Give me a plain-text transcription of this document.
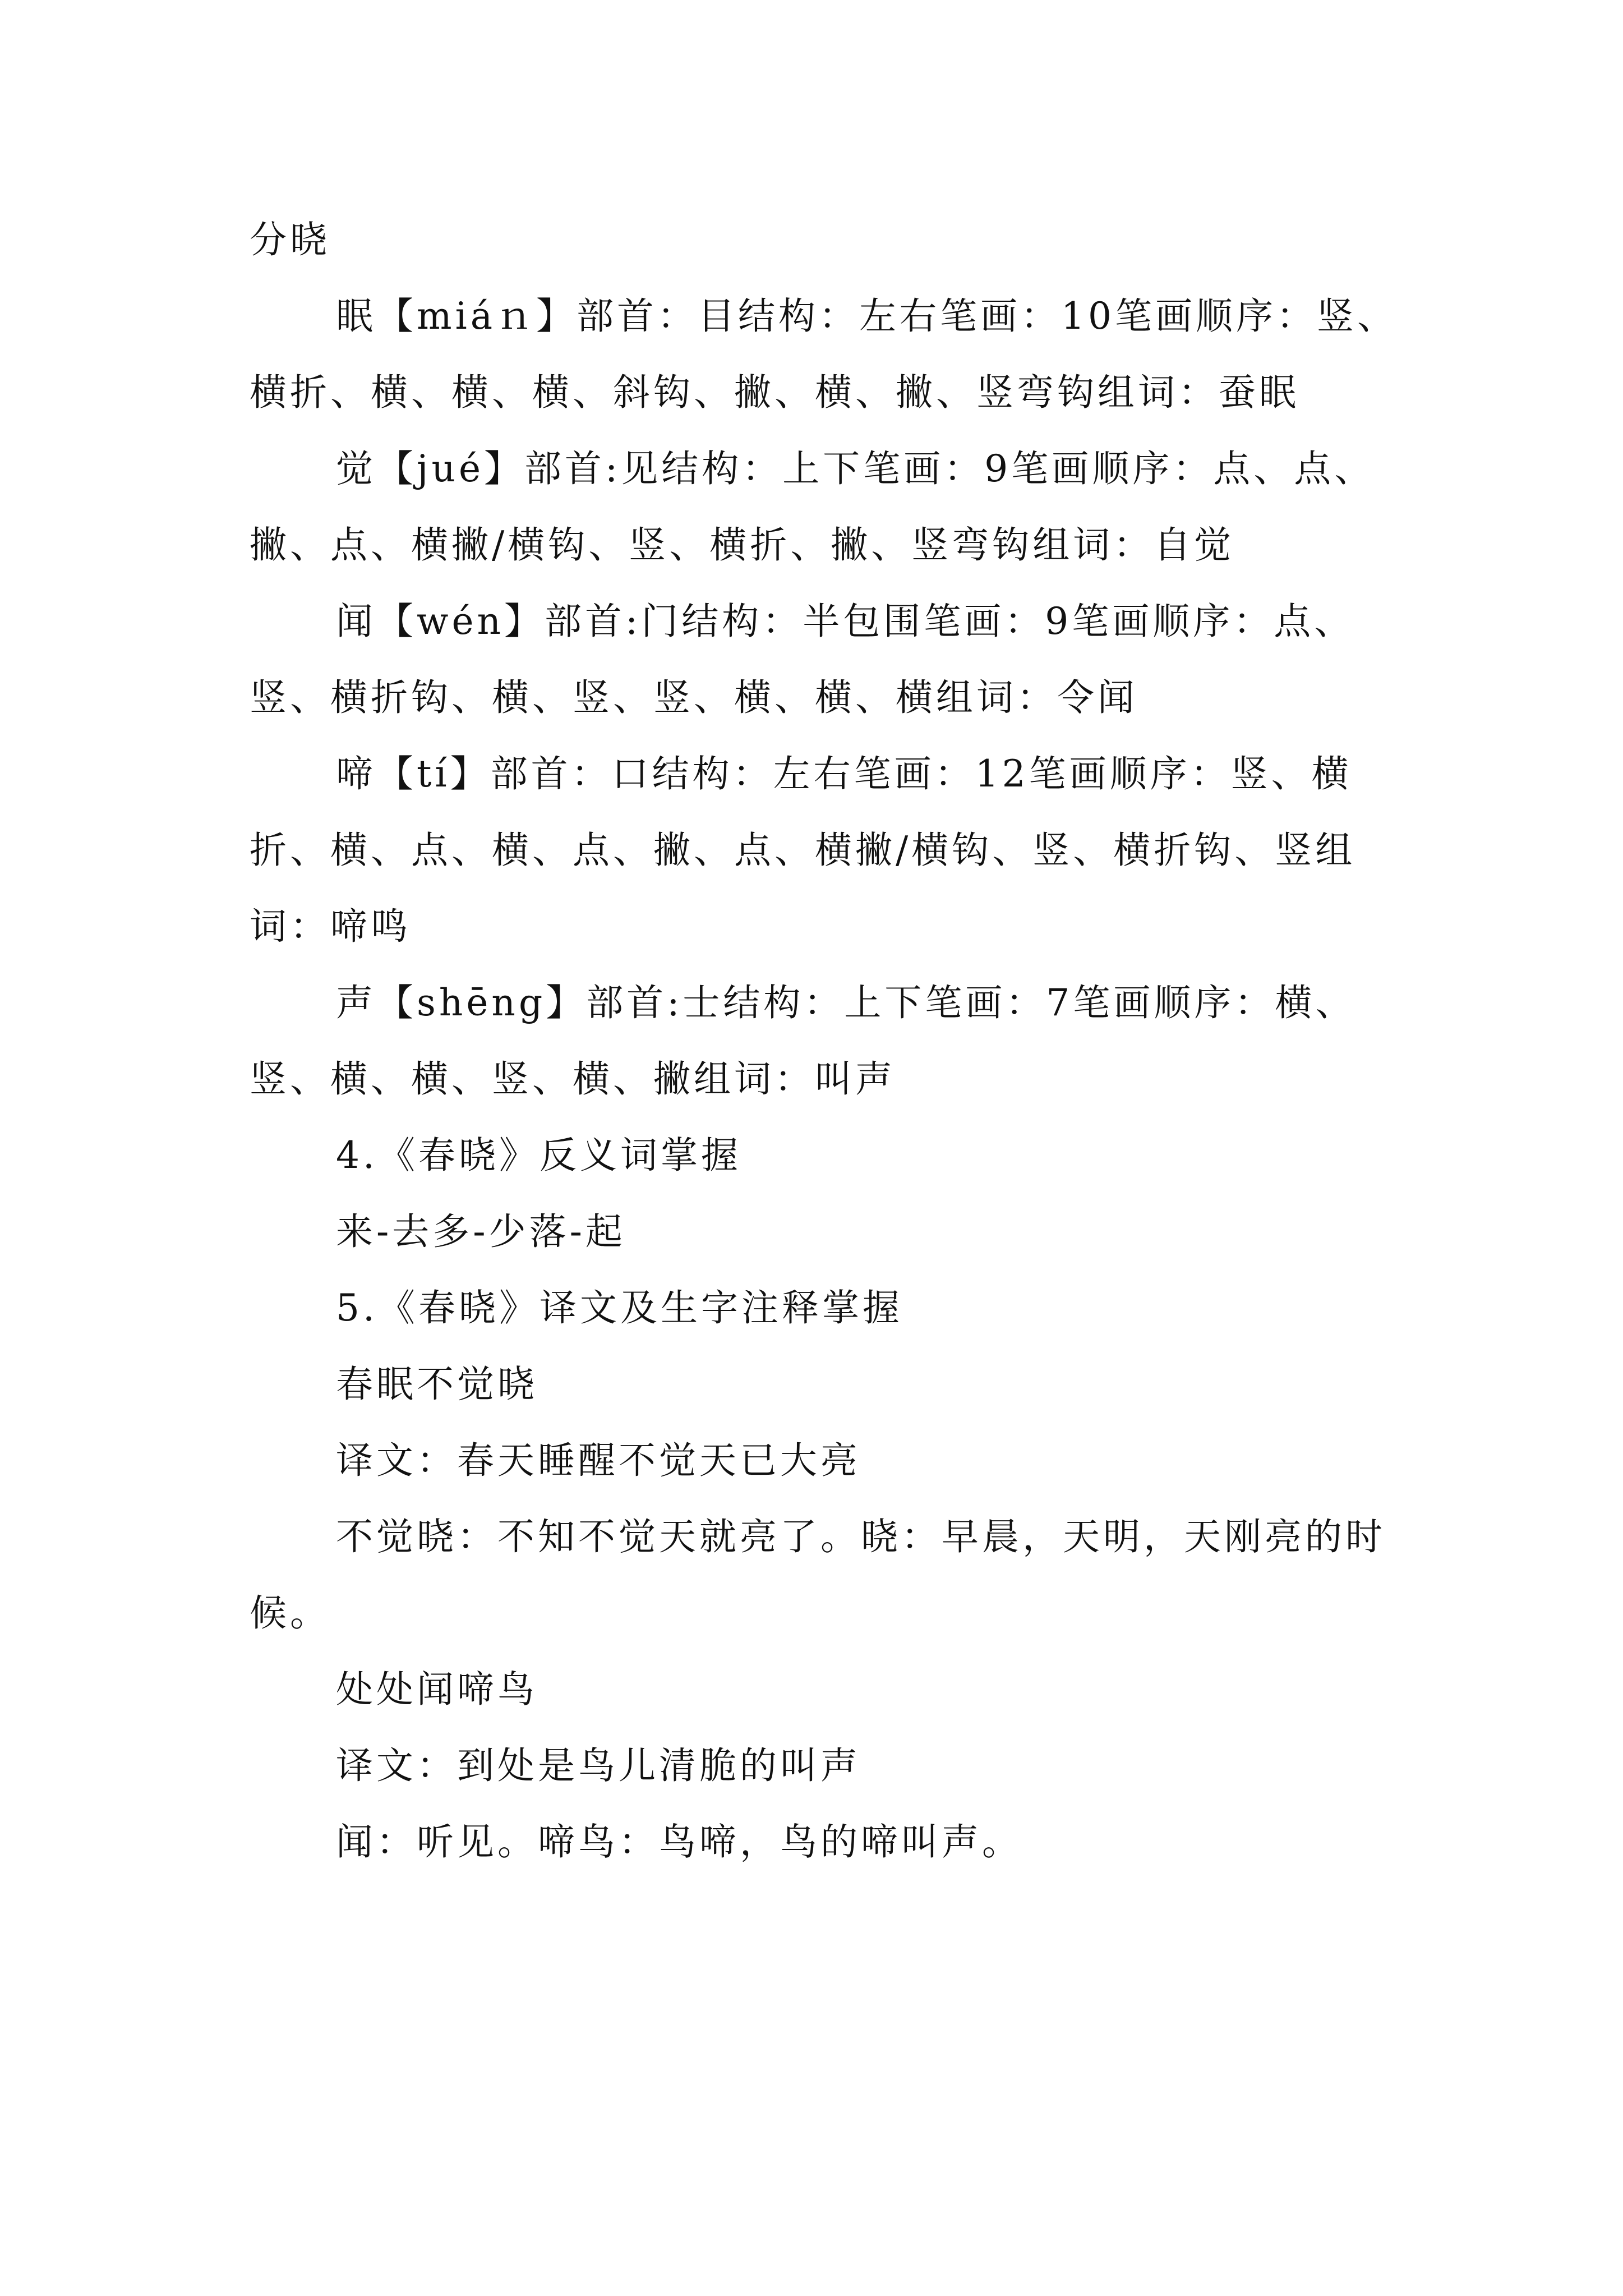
分晓

眠【miáｎ】部首：目结构：左右笔画：10笔画顺序：竖、横折、横、横、横、斜钩、撇、横、撇、竖弯钩组词：蚕眠

觉【jué】部首:见结构：上下笔画：9笔画顺序：点、点、撇、点、横撇/横钩、竖、横折、撇、竖弯钩组词：自觉

闻【wén】部首:门结构：半包围笔画：9笔画顺序：点、竖、横折钩、横、竖、竖、横、横、横组词：令闻

啼【tí】部首：口结构：左右笔画：12笔画顺序：竖、横折、横、点、横、点、撇、点、横撇/横钩、竖、横折钩、竖组词：啼鸣

声【shēng】部首:士结构：上下笔画：7笔画顺序：横、竖、横、横、竖、横、撇组词：叫声

4.《春晓》反义词掌握

来-去多-少落-起

5.《春晓》译文及生字注释掌握

春眠不觉晓

译文：春天睡醒不觉天已大亮

不觉晓：不知不觉天就亮了。晓：早晨，天明，天刚亮的时候。

处处闻啼鸟

译文：到处是鸟儿清脆的叫声

闻：听见。啼鸟：鸟啼，鸟的啼叫声。
